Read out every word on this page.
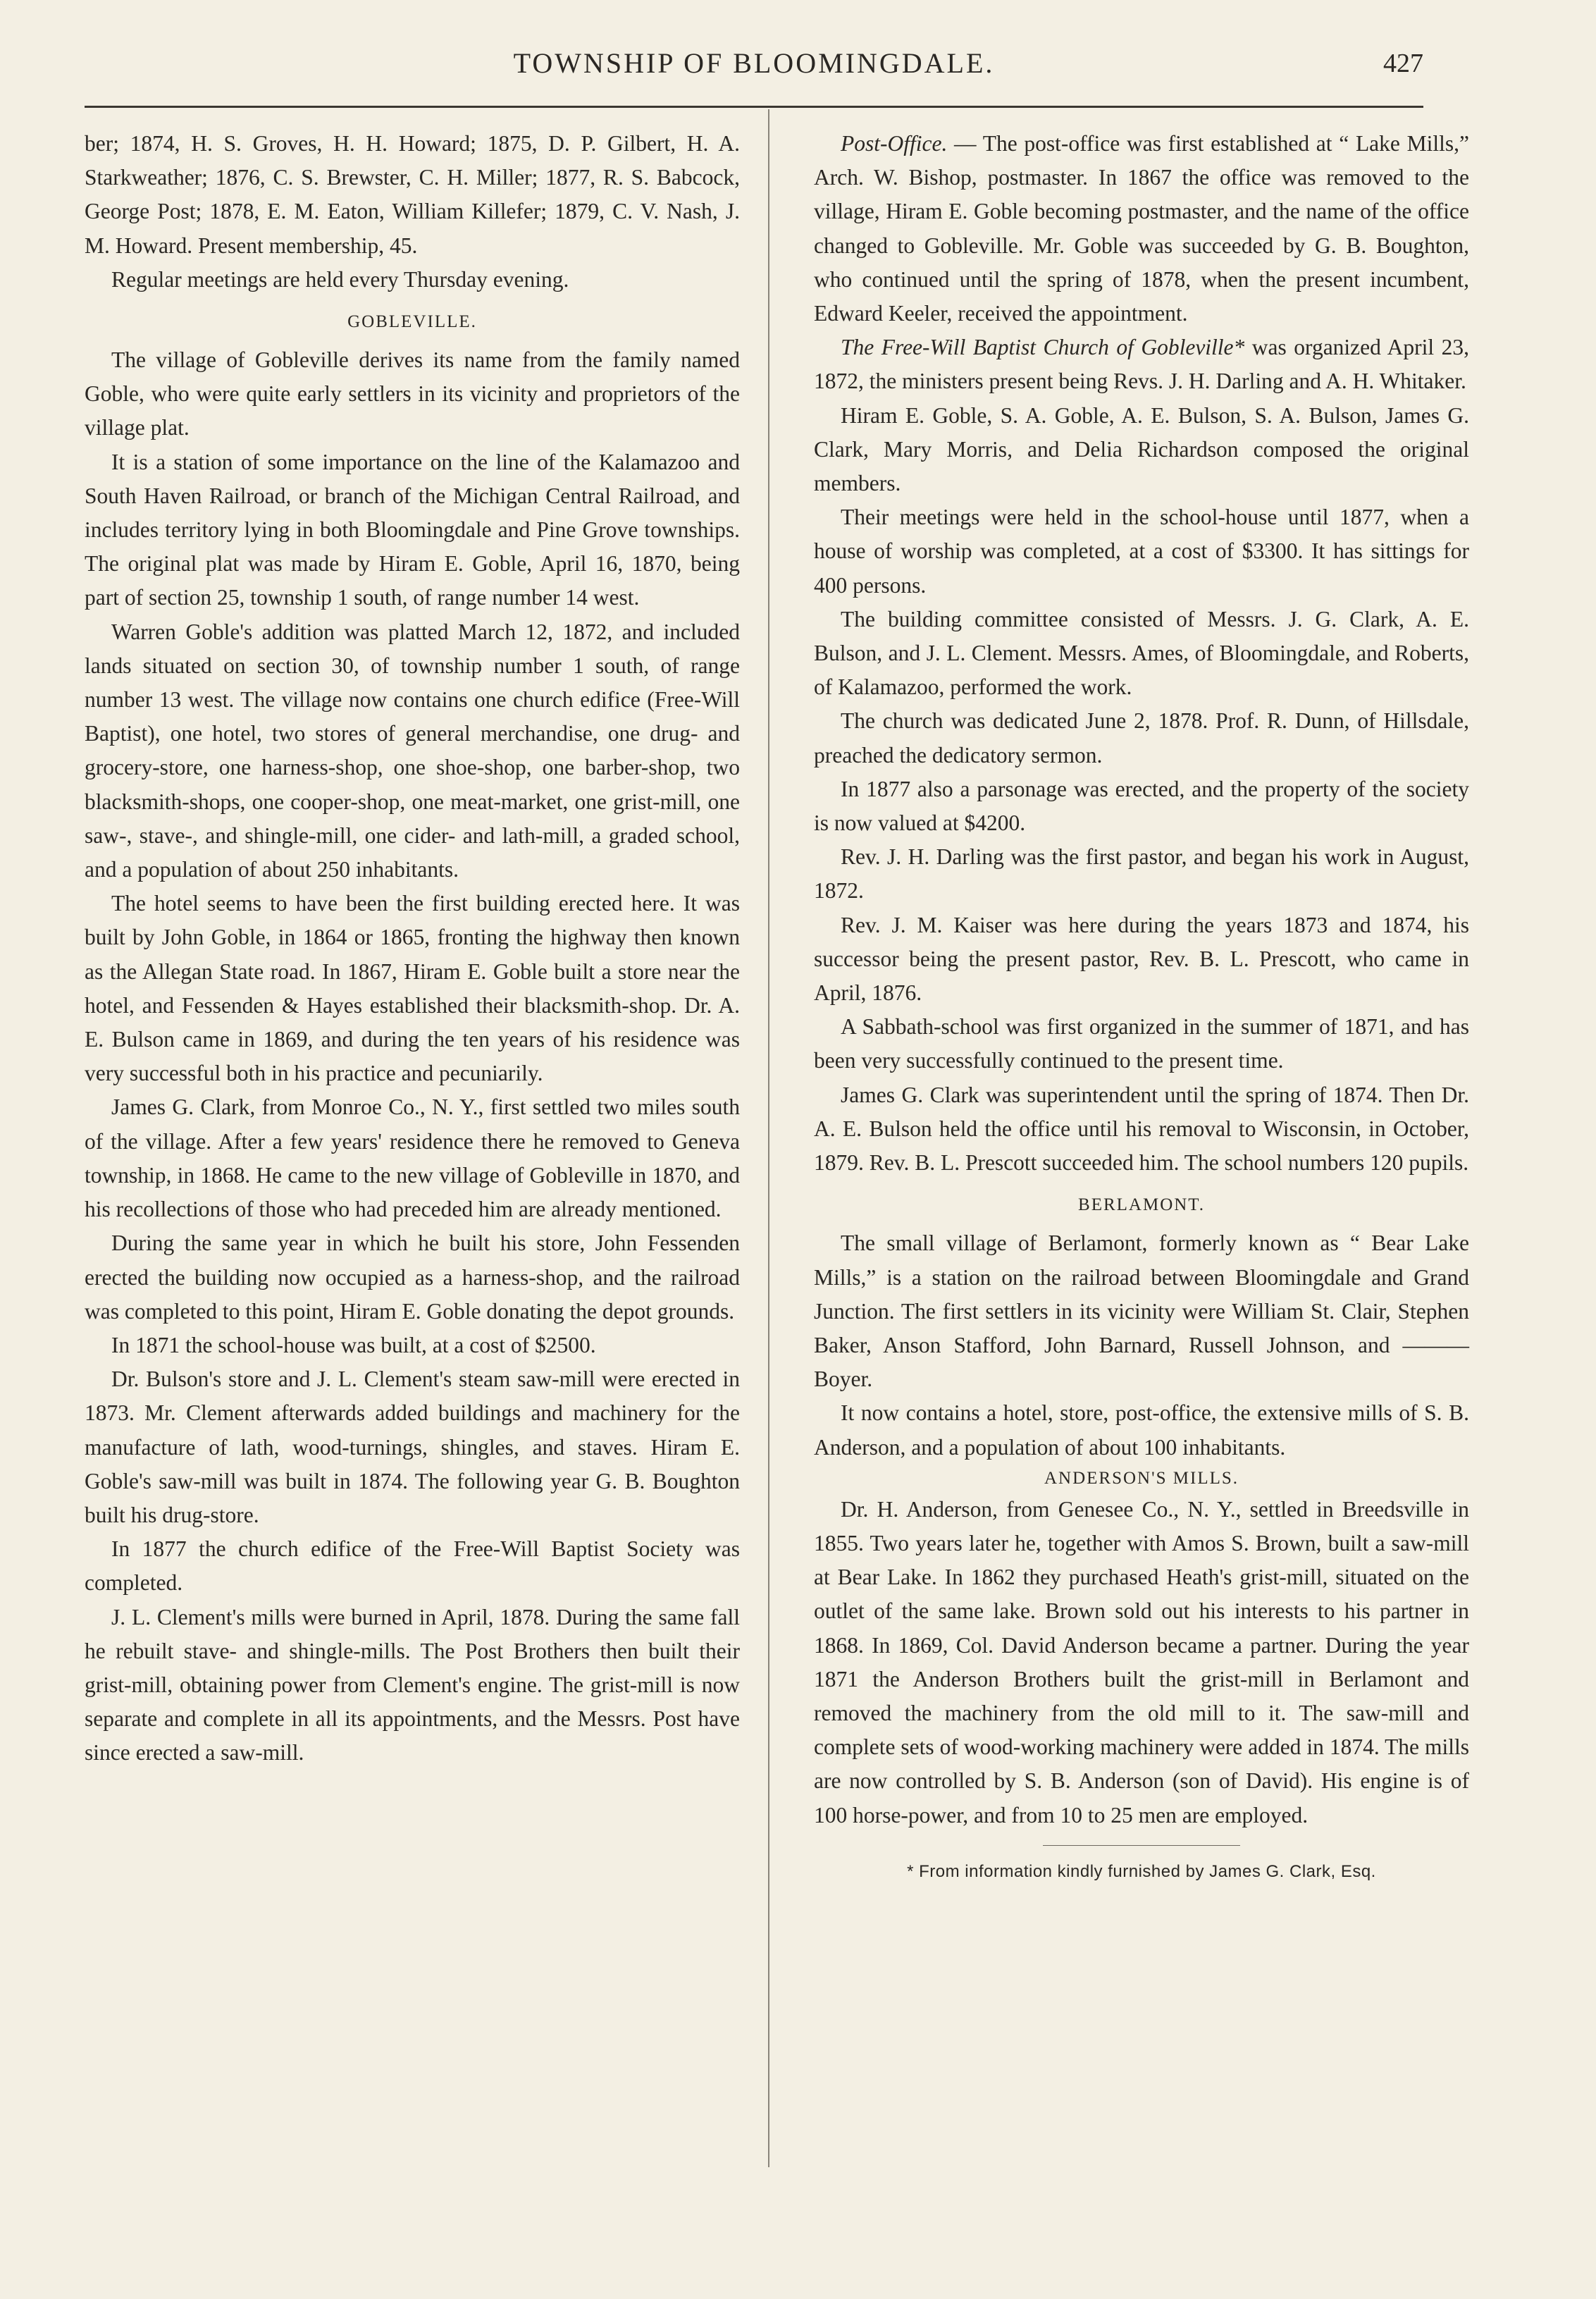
TOWNSHIP OF BLOOMINGDALE.	427

ber; 1874, H. S. Groves, H. H. Howard; 1875, D. P. Gilbert, H. A. Starkweather; 1876, C. S. Brewster, C. H. Miller; 1877, R. S. Babcock, George Post; 1878, E. M. Eaton, William Killefer; 1879, C. V. Nash, J. M. Howard. Present membership, 45.

Regular meetings are held every Thursday evening.

GOBLEVILLE.

The village of Gobleville derives its name from the family named Goble, who were quite early settlers in its vicinity and proprietors of the village plat.

It is a station of some importance on the line of the Kalamazoo and South Haven Railroad, or branch of the Michigan Central Railroad, and includes territory lying in both Bloomingdale and Pine Grove townships. The original plat was made by Hiram E. Goble, April 16, 1870, being part of section 25, township 1 south, of range number 14 west.

Warren Goble's addition was platted March 12, 1872, and included lands situated on section 30, of township number 1 south, of range number 13 west. The village now contains one church edifice (Free-Will Baptist), one hotel, two stores of general merchandise, one drug- and grocery-store, one harness-shop, one shoe-shop, one barber-shop, two blacksmith-shops, one cooper-shop, one meat-market, one grist-mill, one saw-, stave-, and shingle-mill, one cider- and lath-mill, a graded school, and a population of about 250 inhabitants.

The hotel seems to have been the first building erected here. It was built by John Goble, in 1864 or 1865, fronting the highway then known as the Allegan State road. In 1867, Hiram E. Goble built a store near the hotel, and Fessenden & Hayes established their blacksmith-shop. Dr. A. E. Bulson came in 1869, and during the ten years of his residence was very successful both in his practice and pecuniarily.

James G. Clark, from Monroe Co., N. Y., first settled two miles south of the village. After a few years' residence there he removed to Geneva township, in 1868. He came to the new village of Gobleville in 1870, and his recollections of those who had preceded him are already mentioned.

During the same year in which he built his store, John Fessenden erected the building now occupied as a harness-shop, and the railroad was completed to this point, Hiram E. Goble donating the depot grounds.

In 1871 the school-house was built, at a cost of $2500.

Dr. Bulson's store and J. L. Clement's steam saw-mill were erected in 1873. Mr. Clement afterwards added buildings and machinery for the manufacture of lath, wood-turnings, shingles, and staves. Hiram E. Goble's saw-mill was built in 1874. The following year G. B. Boughton built his drug-store.

In 1877 the church edifice of the Free-Will Baptist Society was completed.

J. L. Clement's mills were burned in April, 1878. During the same fall he rebuilt stave- and shingle-mills. The Post Brothers then built their grist-mill, obtaining power from Clement's engine. The grist-mill is now separate and complete in all its appointments, and the Messrs. Post have since erected a saw-mill.

Post-Office. — The post-office was first established at “ Lake Mills,” Arch. W. Bishop, postmaster. In 1867 the office was removed to the village, Hiram E. Goble becoming postmaster, and the name of the office changed to Gobleville. Mr. Goble was succeeded by G. B. Boughton, who continued until the spring of 1878, when the present incumbent, Edward Keeler, received the appointment.

The Free-Will Baptist Church of Gobleville* was organized April 23, 1872, the ministers present being Revs. J. H. Darling and A. H. Whitaker.

Hiram E. Goble, S. A. Goble, A. E. Bulson, S. A. Bulson, James G. Clark, Mary Morris, and Delia Richardson composed the original members.

Their meetings were held in the school-house until 1877, when a house of worship was completed, at a cost of $3300. It has sittings for 400 persons.

The building committee consisted of Messrs. J. G. Clark, A. E. Bulson, and J. L. Clement. Messrs. Ames, of Bloomingdale, and Roberts, of Kalamazoo, performed the work.

The church was dedicated June 2, 1878. Prof. R. Dunn, of Hillsdale, preached the dedicatory sermon.

In 1877 also a parsonage was erected, and the property of the society is now valued at $4200.

Rev. J. H. Darling was the first pastor, and began his work in August, 1872.

Rev. J. M. Kaiser was here during the years 1873 and 1874, his successor being the present pastor, Rev. B. L. Prescott, who came in April, 1876.

A Sabbath-school was first organized in the summer of 1871, and has been very successfully continued to the present time.

James G. Clark was superintendent until the spring of 1874. Then Dr. A. E. Bulson held the office until his removal to Wisconsin, in October, 1879. Rev. B. L. Prescott succeeded him. The school numbers 120 pupils.

BERLAMONT.

The small village of Berlamont, formerly known as “ Bear Lake Mills,” is a station on the railroad between Bloomingdale and Grand Junction. The first settlers in its vicinity were William St. Clair, Stephen Baker, Anson Stafford, John Barnard, Russell Johnson, and ——— Boyer.

It now contains a hotel, store, post-office, the extensive mills of S. B. Anderson, and a population of about 100 inhabitants.

ANDERSON'S MILLS.

Dr. H. Anderson, from Genesee Co., N. Y., settled in Breedsville in 1855. Two years later he, together with Amos S. Brown, built a saw-mill at Bear Lake. In 1862 they purchased Heath's grist-mill, situated on the outlet of the same lake. Brown sold out his interests to his partner in 1868. In 1869, Col. David Anderson became a partner. During the year 1871 the Anderson Brothers built the grist-mill in Berlamont and removed the machinery from the old mill to it. The saw-mill and complete sets of wood-working machinery were added in 1874. The mills are now controlled by S. B. Anderson (son of David). His engine is of 100 horse-power, and from 10 to 25 men are employed.

* From information kindly furnished by James G. Clark, Esq.
